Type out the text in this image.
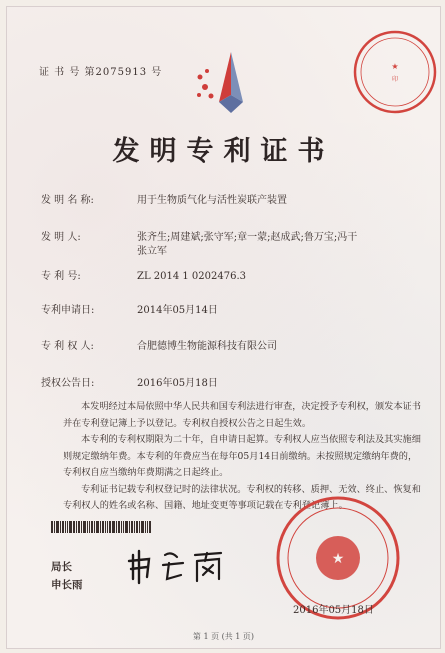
证 书 号 第2075913 号
★
印
发明专利证书
发 明 名 称:	用于生物质气化与活性炭联产装置
发 明 人:	张齐生;周建斌;张守军;章一蒙;赵成武;鲁万宝;冯干张立军
专 利 号:	ZL 2014 1 0202476.3
专利申请日:	2014年05月14日
专 利 权 人:	合肥德博生物能源科技有限公司
授权公告日:	2016年05月18日

本发明经过本局依照中华人民共和国专利法进行审查，决定授予专利权，颁发本证书并在专利登记簿上予以登记。专利权自授权公告之日起生效。

本专利的专利权期限为二十年，自申请日起算。专利权人应当依照专利法及其实施细则规定缴纳年费。本专利的年费应当在每年05月14日前缴纳。未按照规定缴纳年费的，专利权自应当缴纳年费期满之日起终止。

专利证书记载专利权登记时的法律状况。专利权的转移、质押、无效、终止、恢复和专利权人的姓名或名称、国籍、地址变更等事项记载在专利登记簿上。

局长
申长雨
★
2016年05月18日
第 1 页 (共 1 页)
